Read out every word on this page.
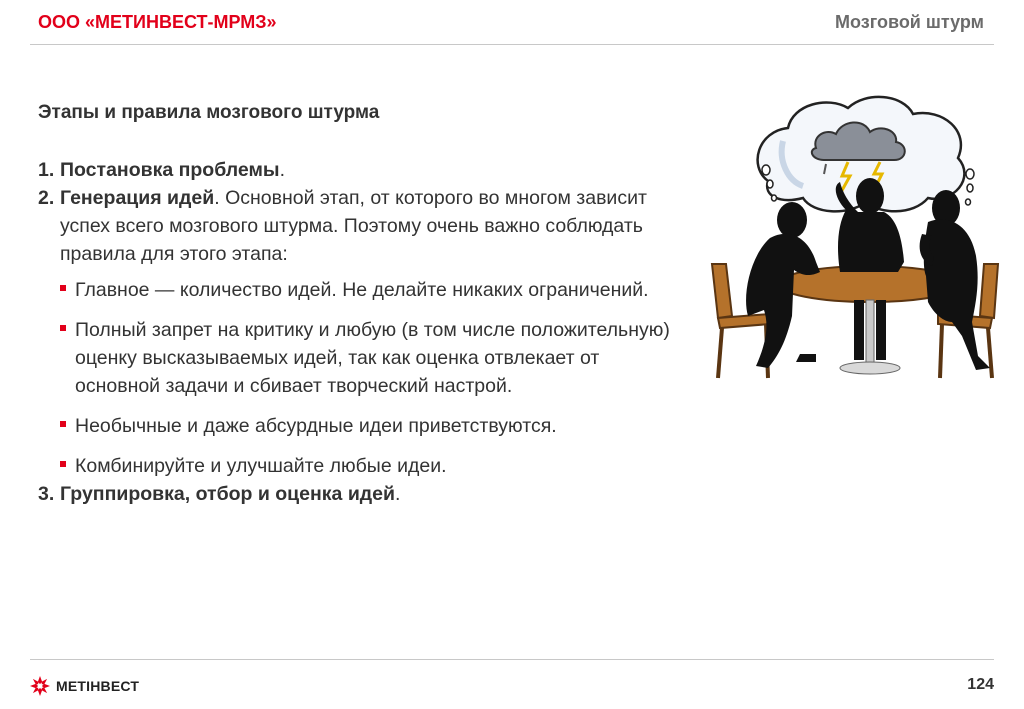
ООО «МЕТИНВЕСТ-МРМЗ»	Мозговой штурм
Этапы и правила мозгового штурма
1. Постановка проблемы.
2. Генерация идей. Основной этап, от которого во многом зависит успех всего мозгового штурма. Поэтому очень важно соблюдать правила для этого этапа:
Главное — количество идей. Не делайте никаких ограничений.
Полный запрет на критику и любую (в том числе положительную) оценку высказываемых идей, так как оценка отвлекает от основной задачи и сбивает творческий настрой.
Необычные и даже абсурдные идеи приветствуются.
Комбинируйте и улучшайте любые идеи.
3. Группировка, отбор и оценка идей.
МЕТІНВЕСТ	124
